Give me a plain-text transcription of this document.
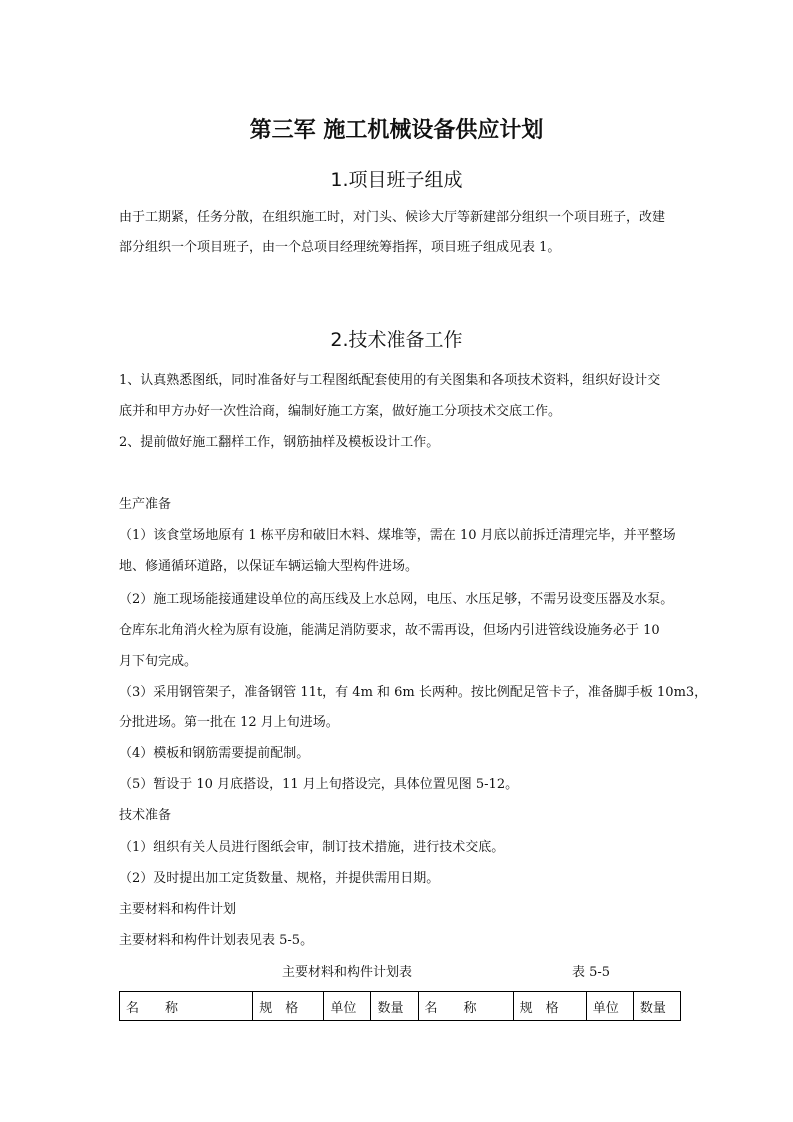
第三军 施工机械设备供应计划
1.项目班子组成
由于工期紧，任务分散，在组织施工时，对门头、候诊大厅等新建部分组织一个项目班子，改建
部分组织一个项目班子，由一个总项目经理统筹指挥，项目班子组成见表 1。
2.技术准备工作
1、认真熟悉图纸，同时准备好与工程图纸配套使用的有关图集和各项技术资料，组织好设计交
底并和甲方办好一次性洽商，编制好施工方案，做好施工分项技术交底工作。
2、提前做好施工翻样工作，钢筋抽样及模板设计工作。
生产准备
（1）该食堂场地原有 1 栋平房和破旧木料、煤堆等，需在 10 月底以前拆迁清理完毕，并平整场
地、修通循环道路，以保证车辆运输大型构件进场。
（2）施工现场能接通建设单位的高压线及上水总网，电压、水压足够，不需另设变压器及水泵。
仓库东北角消火栓为原有设施，能满足消防要求，故不需再设，但场内引进管线设施务必于 10
月下旬完成。
（3）采用钢管架子，准备钢管 11t，有 4m 和 6m 长两种。按比例配足管卡子，准备脚手板 10m3，
分批进场。第一批在 12 月上旬进场。
（4）模板和钢筋需要提前配制。
（5）暂设于 10 月底搭设，11 月上旬搭设完，具体位置见图 5-12。
技术准备
（1）组织有关人员进行图纸会审，制订技术措施，进行技术交底。
（2）及时提出加工定货数量、规格，并提供需用日期。
主要材料和构件计划
主要材料和构件计划表见表 5-5。
主要材料和构件计划表	表 5-5
名　　称	规　格	单位	数量	名　　称	规　格	单位	数量
